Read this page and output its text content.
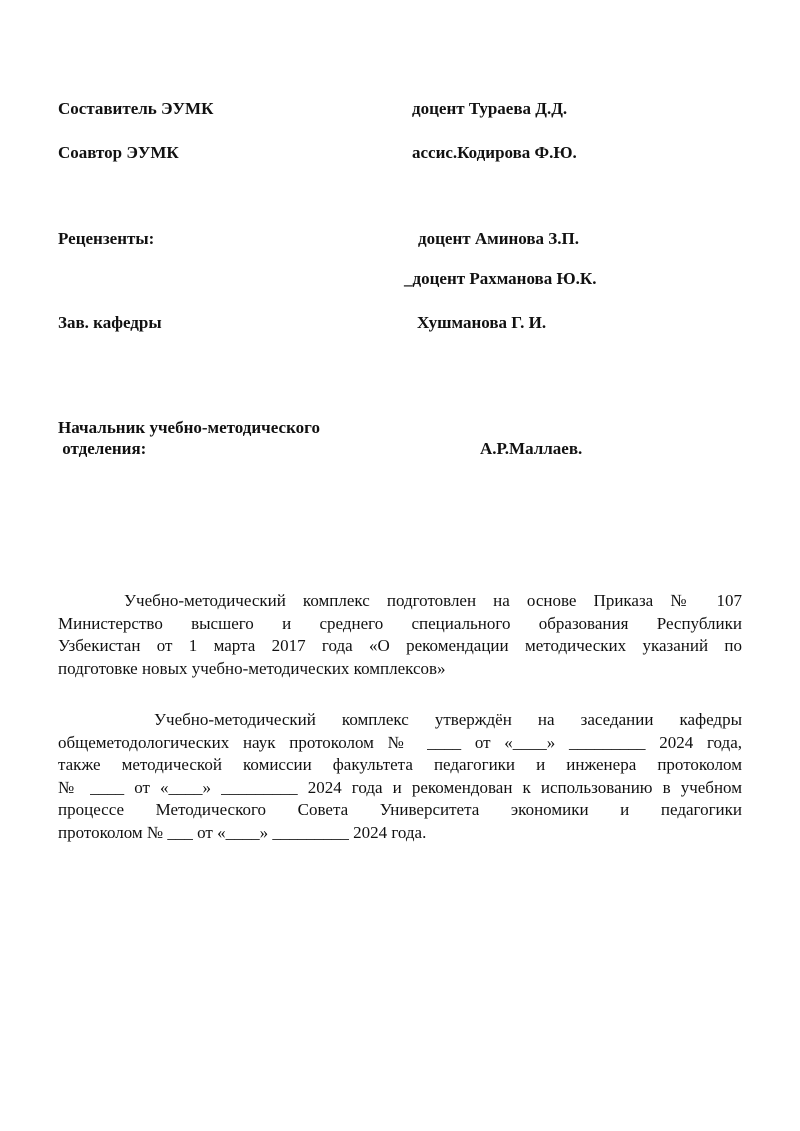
Составитель ЭУМК	доцент Тураева Д.Д.
Соавтор ЭУМК	ассис.Кодирова Ф.Ю.
Рецензенты:	доцент Аминова З.П.
_доцент Рахманова Ю.К.
Зав. кафедры	Хушманова Г. И.
Начальник учебно-методического
отделения:	А.Р.Маллаев.
Учебно-методический комплекс подготовлен на основе Приказа № 107
Министерство высшего и среднего специального образования Республики
Узбекистан от 1 марта 2017 года «О рекомендации методических указаний по
подготовке новых учебно-методических комплексов»
Учебно-методический комплекс утверждён на заседании кафедры
общеметодологических наук протоколом № ____ от «____» _________ 2024 года,
также методической комиссии факультета педагогики и инженера протоколом
№ ____ от «____» _________ 2024 года и рекомендован к использованию в учебном
процессе Методического Совета Университета экономики и педагогики
протоколом № ___ от «____» _________ 2024 года.
